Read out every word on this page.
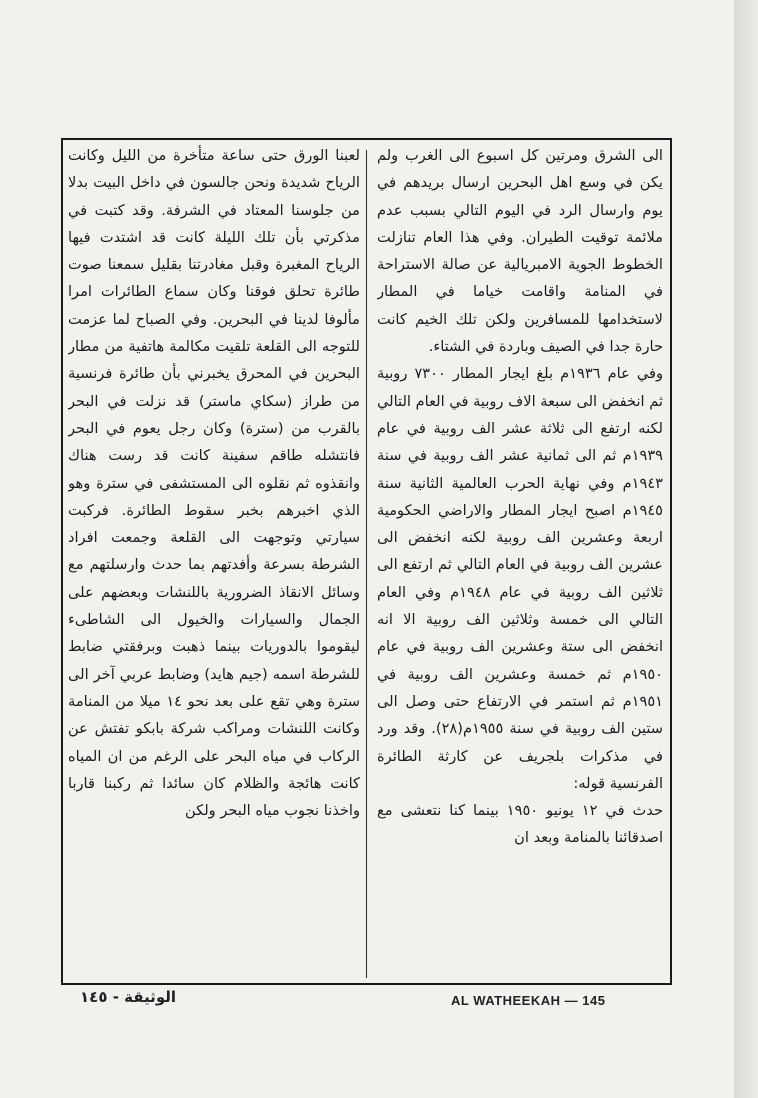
الى الشرق ومرتين كل اسبوع الى الغرب ولم يكن في وسع اهل البحرين ارسال بريدهم في يوم وارسال الرد في اليوم التالي بسبب عدم ملائمة توقيت الطيران. وفي هذا العام تنازلت الخطوط الجوية الامبريالية عن صالة الاستراحة في المنامة واقامت خياما في المطار لاستخدامها للمسافرين ولكن تلك الخيم كانت حارة جدا في الصيف وباردة في الشتاء.

وفي عام ١٩٣٦م بلغ ايجار المطار ٧٣٠٠ روبية ثم انخفض الى سبعة الاف روبية في العام التالي لكنه ارتفع الى ثلاثة عشر الف روبية في عام ١٩٣٩م ثم الى ثمانية عشر الف روبية في سنة ١٩٤٣م وفي نهاية الحرب العالمية الثانية سنة ١٩٤٥م اصبح ايجار المطار والاراضي الحكومية اربعة وعشرين الف روبية لكنه انخفض الى عشرين الف روبية في العام التالي ثم ارتفع الى ثلاثين الف روبية في عام ١٩٤٨م وفي العام التالي الى خمسة وثلاثين الف روبية الا انه انخفض الى ستة وعشرين الف روبية في عام ١٩٥٠م ثم خمسة وعشرين الف روبية في ١٩٥١م ثم استمر في الارتفاع حتى وصل الى ستين الف روبية في سنة ١٩٥٥م(٢٨). وقد ورد في مذكرات بلجريف عن كارثة الطائرة الفرنسية قوله:

حدث في ١٢ يونيو ١٩٥٠ بينما كنا نتعشى مع اصدقائنا بالمنامة وبعد ان

لعبنا الورق حتى ساعة متأخرة من الليل وكانت الرياح شديدة ونحن جالسون في داخل البيت بدلا من جلوسنا المعتاد في الشرفة. وقد كتبت في مذكرتي بأن تلك الليلة كانت قد اشتدت فيها الرياح المغبرة وقبل مغادرتنا بقليل سمعنا صوت طائرة تحلق فوقنا وكان سماع الطائرات امرا مألوفا لدينا في البحرين. وفي الصباح لما عزمت للتوجه الى القلعة تلقيت مكالمة هاتفية من مطار البحرين في المحرق يخبرني بأن طائرة فرنسية من طراز (سكاي ماستر) قد نزلت في البحر بالقرب من (سترة) وكان رجل يعوم في البحر فانتشله طاقم سفينة كانت قد رست هناك وانقذوه ثم نقلوه الى المستشفى في سترة وهو الذي اخبرهم بخبر سقوط الطائرة. فركبت سيارتي وتوجهت الى القلعة وجمعت افراد الشرطة بسرعة وأفدتهم بما حدث وارسلتهم مع وسائل الانقاذ الضرورية باللنشات وبعضهم على الجمال والسيارات والخيول الى الشاطىء ليقوموا بالدوريات بينما ذهبت وبرفقتي ضابط للشرطة اسمه (جيم هايد) وضابط عربي آخر الى سترة وهي تقع على بعد نحو ١٤ ميلا من المنامة وكانت اللنشات ومراكب شركة بابكو تفتش عن الركاب في مياه البحر على الرغم من ان المياه كانت هائجة والظلام كان سائدا ثم ركبنا قاربا واخذنا نجوب مياه البحر ولكن

AL WATHEEKAH — 145
الوثيقة - ١٤٥
